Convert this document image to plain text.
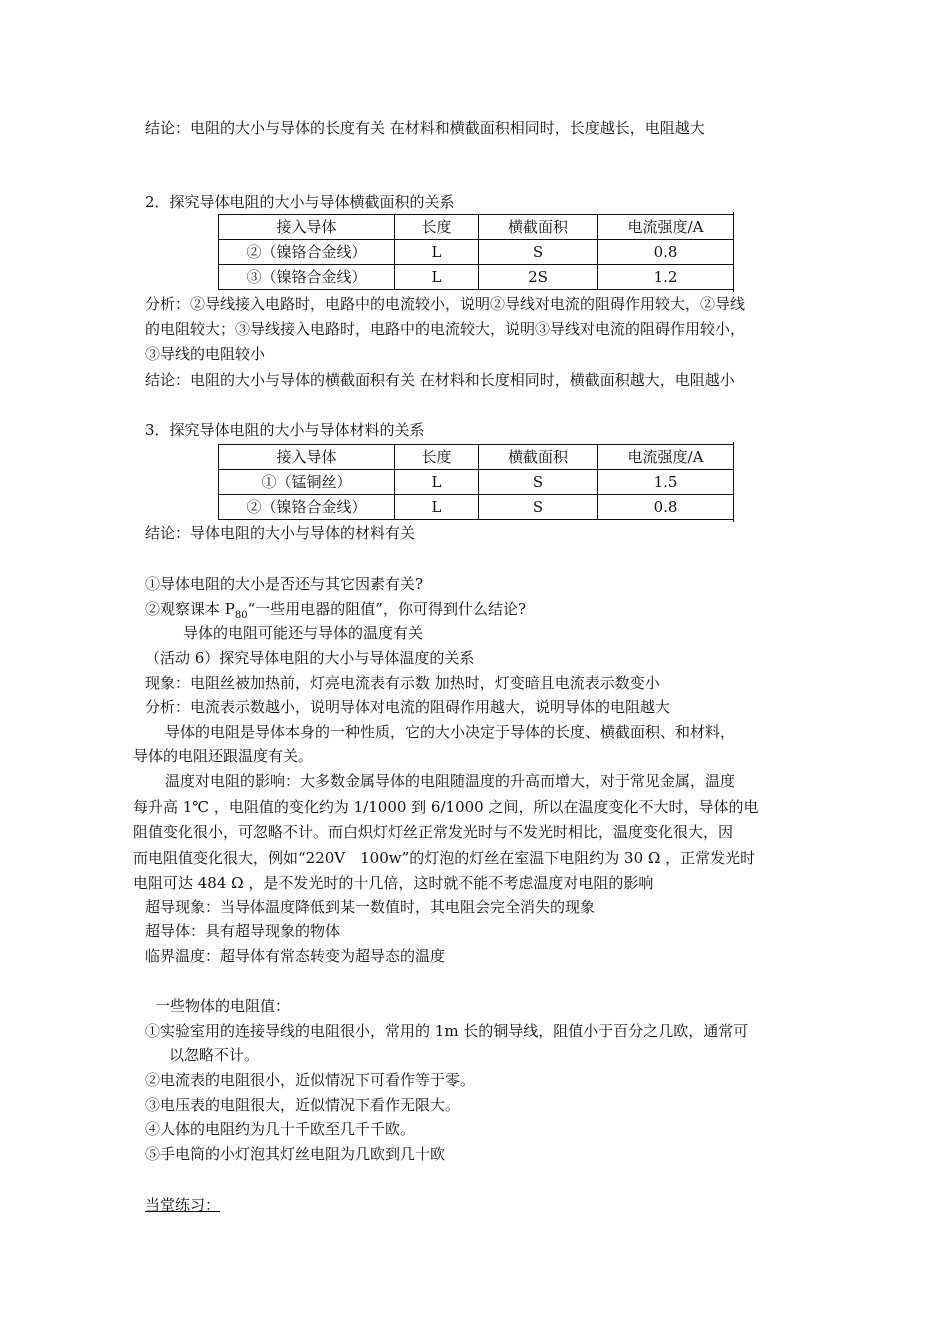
结论：电阻的大小与导体的长度有关 在材料和横截面积相同时，长度越长，电阻越大
2．探究导体电阻的大小与导体横截面积的关系
接入导体	长度	横截面积	电流强度/A
②（镍铬合金线）	L	S	0.8
③（镍铬合金线）	L	2S	1.2
分析：②导线接入电路时，电路中的电流较小，说明②导线对电流的阻碍作用较大，②导线
的电阻较大；③导线接入电路时，电路中的电流较大，说明③导线对电流的阻碍作用较小，
③导线的电阻较小
结论：电阻的大小与导体的横截面积有关 在材料和长度相同时，横截面积越大，电阻越小
3．探究导体电阻的大小与导体材料的关系
接入导体	长度	横截面积	电流强度/A
①（锰铜丝）	L	S	1.5
②（镍铬合金线）	L	S	0.8
结论：导体电阻的大小与导体的材料有关
①导体电阻的大小是否还与其它因素有关?
②观察课本 $P_{80}“$一些用电器的阻值”，你可得到什么结论?
导体的电阻可能还与导体的温度有关
（活动 6）探究导体电阻的大小与导体温度的关系
现象：电阻丝被加热前，灯亮电流表有示数 加热时，灯变暗且电流表示数变小
分析：电流表示数越小，说明导体对电流的阻碍作用越大，说明导体的电阻越大
导体的电阻是导体本身的一种性质，它的大小决定于导体的长度、横截面积、和材料，
导体的电阻还跟温度有关。
温度对电阻的影响：大多数金属导体的电阻随温度的升高而增大，对于常见金属，温度
每升高 1℃ ，电阻值的变化约为 1/1000 到 6/1000 之间，所以在温度变化不大时，导体的电
阻值变化很小，可忽略不计。而白炽灯灯丝正常发光时与不发光时相比，温度变化很大，因
而电阻值变化很大，例如“220V　100w”的灯泡的灯丝在室温下电阻约为 30 Ω ，正常发光时
电阻可达 484 Ω ，是不发光时的十几倍，这时就不能不考虑温度对电阻的影响
超导现象：当导体温度降低到某一数值时，其电阻会完全消失的现象
超导体：具有超导现象的物体
临界温度：超导体有常态转变为超导态的温度
一些物体的电阻值：
①实验室用的连接导线的电阻很小，常用的 1m 长的铜导线，阻值小于百分之几欧，通常可
以忽略不计。
②电流表的电阻很小，近似情况下可看作等于零。
③电压表的电阻很大，近似情况下看作无限大。
④人体的电阻约为几十千欧至几千千欧。
⑤手电筒的小灯泡其灯丝电阻为几欧到几十欧
当堂练习：
